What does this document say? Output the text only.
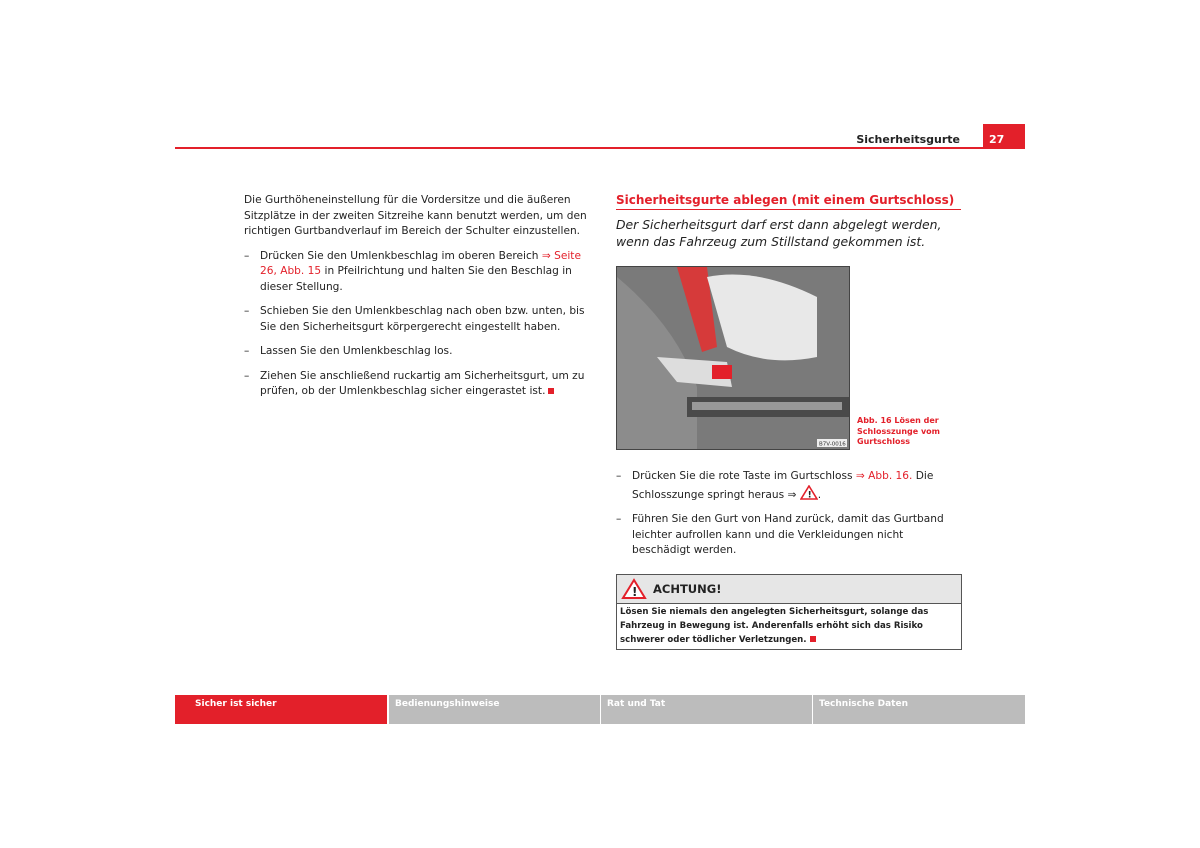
Sicherheitsgurte	27

Die Gurthöheneinstellung für die Vordersitze und die äußeren Sitzplätze in der zweiten Sitzreihe kann benutzt werden, um den richtigen Gurtbandverlauf im Bereich der Schulter einzustellen.

–	Drücken Sie den Umlenkbeschlag im oberen Bereich ⇒ Seite 26, Abb. 15 in Pfeilrichtung und halten Sie den Beschlag in dieser Stellung.
–	Schieben Sie den Umlenkbeschlag nach oben bzw. unten, bis Sie den Sicherheitsgurt körpergerecht eingestellt haben.
–	Lassen Sie den Umlenkbeschlag los.
–	Ziehen Sie anschließend ruckartig am Sicherheitsgurt, um zu prüfen, ob der Umlenkbeschlag sicher eingerastet ist.
Sicherheitsgurte ablegen (mit einem Gurtschloss)
Der Sicherheitsgurt darf erst dann abgelegt werden, wenn das Fahrzeug zum Stillstand gekommen ist.
B7V-0016
Abb. 16 Lösen der Schlosszunge vom Gurtschloss
–	Drücken Sie die rote Taste im Gurtschloss ⇒ Abb. 16. Die Schlosszunge springt heraus ⇒ ! .
–	Führen Sie den Gurt von Hand zurück, damit das Gurtband leichter aufrollen kann und die Verkleidungen nicht beschädigt werden.
! ACHTUNG!
Lösen Sie niemals den angelegten Sicherheitsgurt, solange das Fahrzeug in Bewegung ist. Anderenfalls erhöht sich das Risiko schwerer oder tödlicher Verletzungen.
Sicher ist sicher	Bedienungshinweise	Rat und Tat	Technische Daten
